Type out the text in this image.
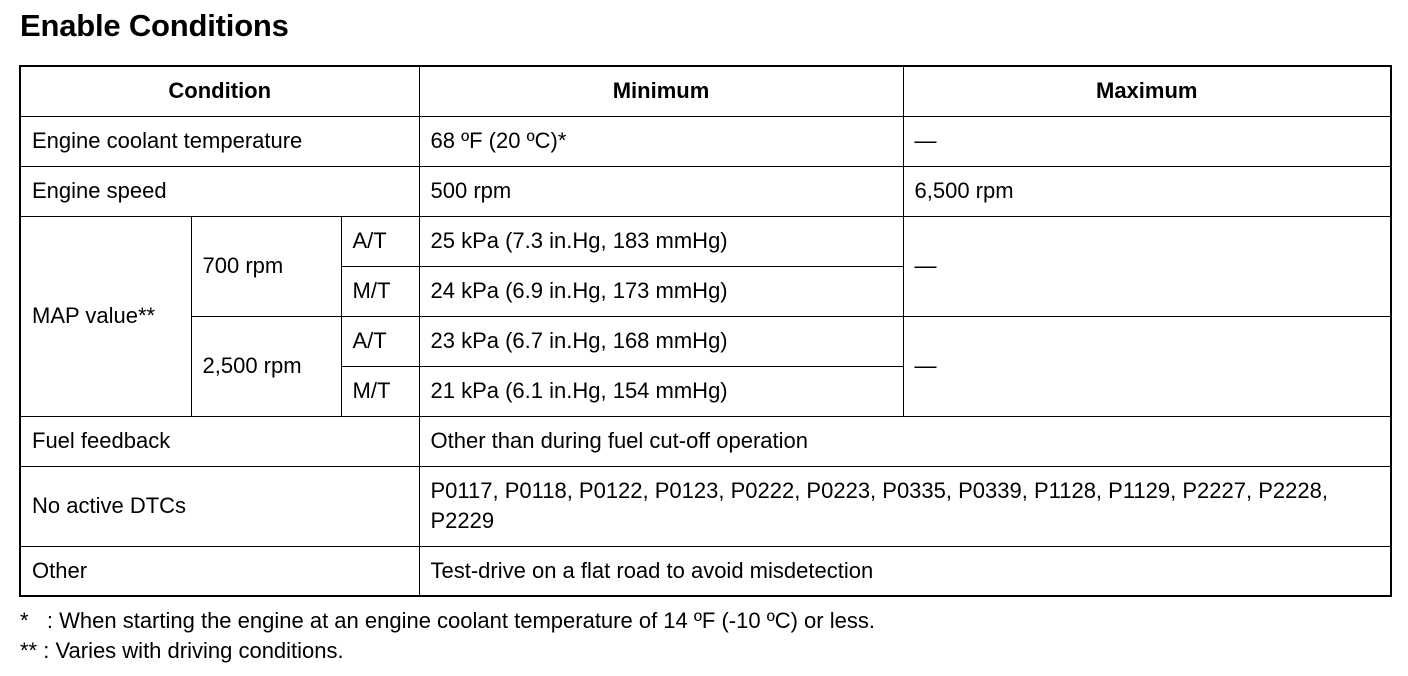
Enable Conditions
Condition			Minimum	Maximum
Engine coolant temperature			68 ºF (20 ºC)*	—
Engine speed			500 rpm	6,500 rpm
MAP value**	700 rpm	A/T	25 kPa (7.3 in.Hg, 183 mmHg)	—
		M/T	24 kPa (6.9 in.Hg, 173 mmHg)	
	2,500 rpm	A/T	23 kPa (6.7 in.Hg, 168 mmHg)	—
		M/T	21 kPa (6.1 in.Hg, 154 mmHg)	
Fuel feedback			Other than during fuel cut-off operation	
No active DTCs			P0117, P0118, P0122, P0123, P0222, P0223, P0335, P0339, P1128, P1129, P2227, P2228, P2229	
Other			Test-drive on a flat road to avoid misdetection	
*   : When starting the engine at an engine coolant temperature of 14 ºF (-10 ºC) or less.
** : Varies with driving conditions.
